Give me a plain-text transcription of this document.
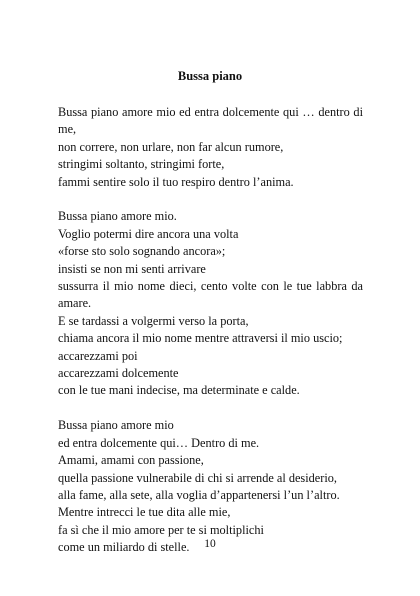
Bussa piano
Bussa piano amore mio ed entra dolcemente qui … dentro di
me,
non correre, non urlare, non far alcun rumore,
stringimi soltanto, stringimi forte,
fammi sentire solo il tuo respiro dentro l’anima.
Bussa piano amore mio.
Voglio potermi dire ancora una volta
«forse sto solo sognando ancora»;
insisti se non mi senti arrivare
sussurra il mio nome dieci, cento volte con le tue labbra da
amare.
E se tardassi a volgermi verso la porta,
chiama ancora il mio nome mentre attraversi il mio uscio;
accarezzami poi
accarezzami dolcemente
con le tue mani indecise, ma determinate e calde.
Bussa piano amore mio
ed entra dolcemente qui… Dentro di me.
Amami, amami con passione,
quella passione vulnerabile di chi si arrende al desiderio,
alla fame, alla sete, alla voglia d’appartenersi l’un l’altro.
Mentre intrecci le tue dita alle mie,
fa sì che il mio amore per te si moltiplichi
come un miliardo di stelle.	10
